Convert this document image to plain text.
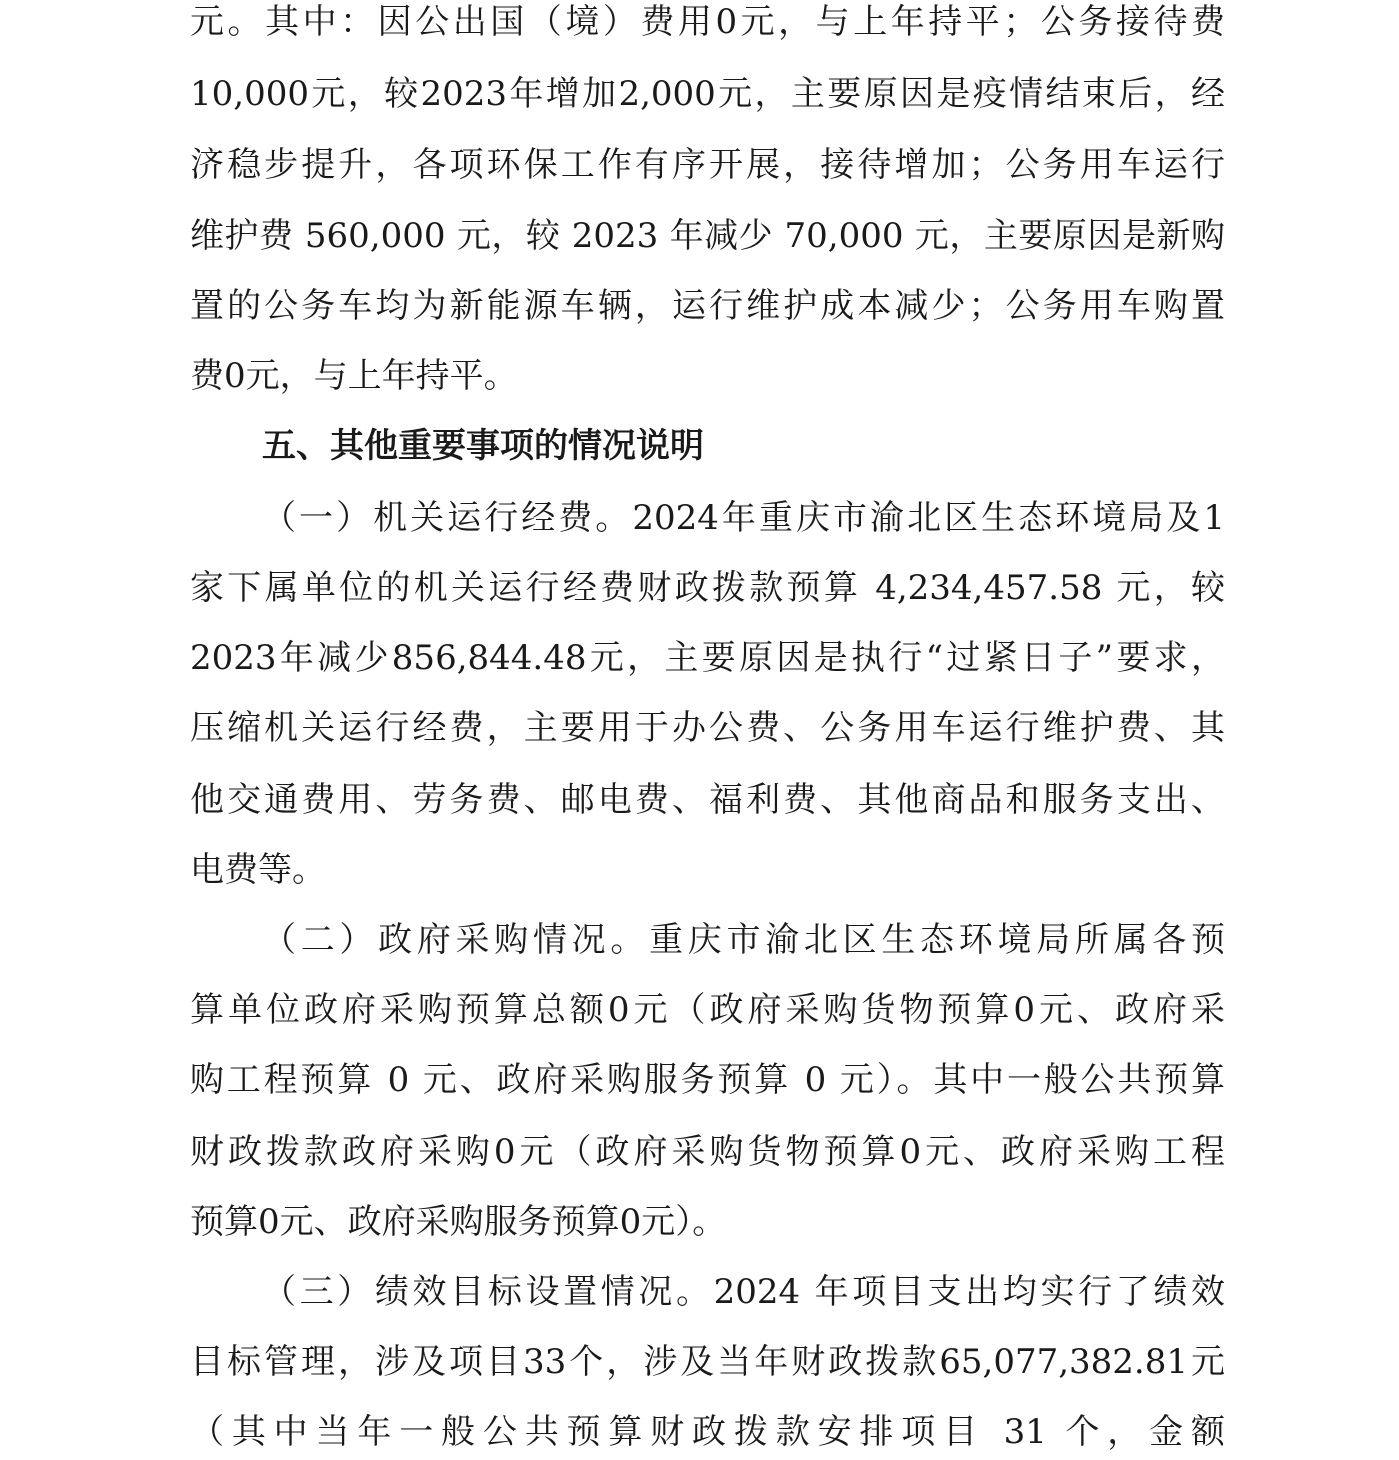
元。其中：因公出国（境）费用0元，与上年持平；公务接待费
10,000元，较2023年增加2,000元，主要原因是疫情结束后，经
济稳步提升，各项环保工作有序开展，接待增加；公务用车运行
维护费 560,000 元，较 2023 年减少 70,000 元，主要原因是新购
置的公务车均为新能源车辆，运行维护成本减少；公务用车购置
费0元，与上年持平。
五、其他重要事项的情况说明
（一）机关运行经费。2024年重庆市渝北区生态环境局及1
家下属单位的机关运行经费财政拨款预算 4,234,457.58 元，较
2023年减少856,844.48元，主要原因是执行“过紧日子”要求，
压缩机关运行经费，主要用于办公费、公务用车运行维护费、其
他交通费用、劳务费、邮电费、福利费、其他商品和服务支出、
电费等。
（二）政府采购情况。重庆市渝北区生态环境局所属各预
算单位政府采购预算总额0元（政府采购货物预算0元、政府采
购工程预算 0 元、政府采购服务预算 0 元）。其中一般公共预算
财政拨款政府采购0元（政府采购货物预算0元、政府采购工程
预算0元、政府采购服务预算0元）。
（三）绩效目标设置情况。2024 年项目支出均实行了绩效
目标管理，涉及项目33个，涉及当年财政拨款65,077,382.81元
（其中当年一般公共预算财政拨款安排项目 31 个，金额
